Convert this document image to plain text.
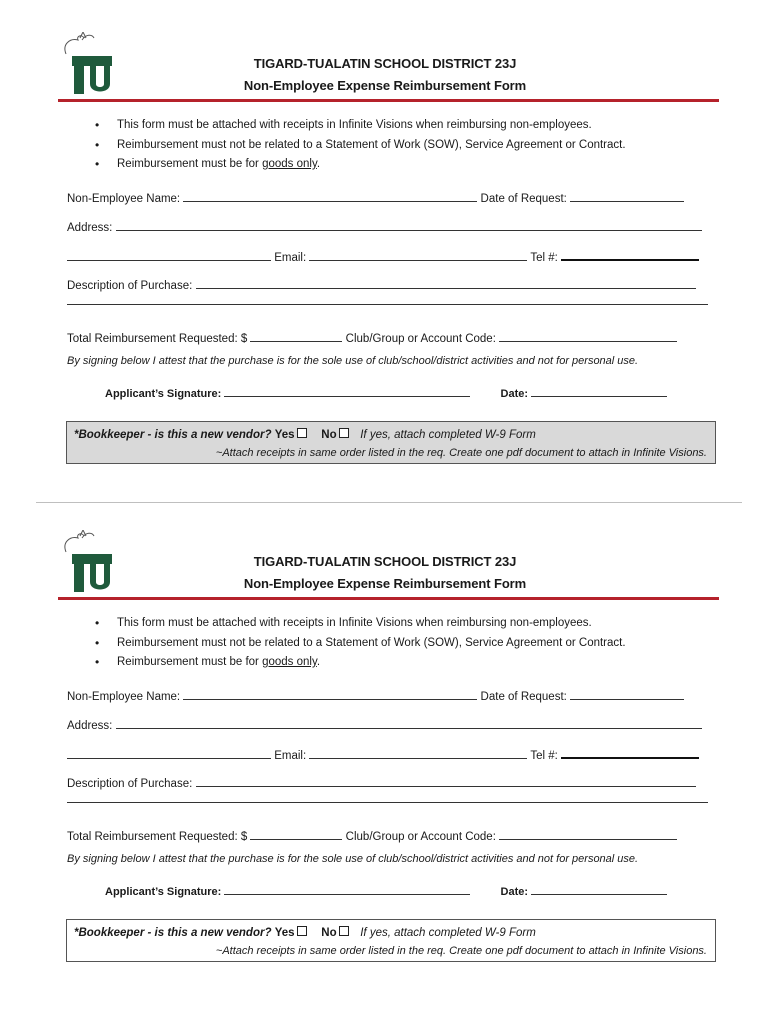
TIGARD-TUALATIN SCHOOL DISTRICT 23J
Non-Employee Expense Reimbursement Form
• This form must be attached with receipts in Infinite Visions when reimbursing non-employees.
• Reimbursement must not be related to a Statement of Work (SOW), Service Agreement or Contract.
• Reimbursement must be for goods only.
Non-Employee Name:	Date of Request:
Address:
Email:	Tel #:
Description of Purchase:
Total Reimbursement Requested: $	Club/Group or Account Code:
By signing below I attest that the purchase is for the sole use of club/school/district activities and not for personal use.
Applicant’s Signature:	Date:
*Bookkeeper - is this a new vendor? Yes No If yes, attach completed W-9 Form
~Attach receipts in same order listed in the req. Create one pdf document to attach in Infinite Visions.
TIGARD-TUALATIN SCHOOL DISTRICT 23J
Non-Employee Expense Reimbursement Form
• This form must be attached with receipts in Infinite Visions when reimbursing non-employees.
• Reimbursement must not be related to a Statement of Work (SOW), Service Agreement or Contract.
• Reimbursement must be for goods only.
Non-Employee Name:	Date of Request:
Address:
Email:	Tel #:
Description of Purchase:
Total Reimbursement Requested: $	Club/Group or Account Code:
By signing below I attest that the purchase is for the sole use of club/school/district activities and not for personal use.
Applicant’s Signature:	Date:
*Bookkeeper - is this a new vendor? Yes No If yes, attach completed W-9 Form
~Attach receipts in same order listed in the req. Create one pdf document to attach in Infinite Visions.
